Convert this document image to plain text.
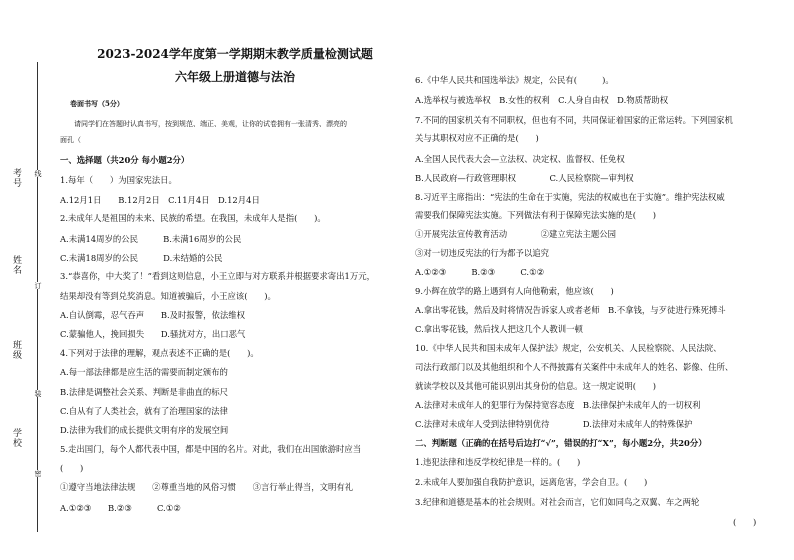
考号
姓名
班级
学校
线
订
装
密
2023-2024学年度第一学期期末教学质量检测试题
六年级上册道德与法治
卷面书写（5分）
请同学们在答题时认真书写，按到规范、端正、美观，让你的试卷拥有一张清秀、漂亮的
面孔（
一、选择题（共20分 每小题2分）
1.每年（　　）为国家宪法日。
A.12月1日　　B.12月2日　C.11月4日　D.12月4日
2.未成年人是祖国的未来、民族的希望。在我国，未成年人是指(　　)。
A.未满14周岁的公民　　　B.未满16周岁的公民
C.未满18周岁的公民　　　D.未结婚的公民
3.“恭喜你，中大奖了！”看到这则信息，小王立即与对方联系并根据要求寄出1万元，
结果却没有等到兑奖消息。知道被骗后，小王应该(　　)。
A.自认倒霉，忍气吞声　　B.及时报警，依法维权
C.蒙骗他人，挽回损失　　D.骚扰对方，出口恶气
4.下列对于法律的理解，观点表述不正确的是(　　)。
A.每一部法律都是应生活的需要而制定颁布的
B.法律是调整社会关系、判断是非曲直的标尺
C.自从有了人类社会，就有了治理国家的法律
D.法律为我们的成长提供文明有序的发展空间
5.走出国门，每个人都代表中国，都是中国的名片。对此，我们在出国旅游时应当
(　　)
①遵守当地法律法规　　②尊重当地的风俗习惯　　③言行举止得当，文明有礼
A.①②③　　B.②③　　　C.①②
6.《中华人民共和国选举法》规定，公民有(　　　)。
A.选举权与被选举权　B.女性的权利　C.人身自由权　D.物质帮助权
7.不同的国家机关有不同职权，但也有不同，共同保证着国家的正常运转。下列国家机
关与其职权对应不正确的是(　　)
A.全国人民代表大会—立法权、决定权、监督权、任免权
B.人民政府—行政管理职权　　　　C.人民检察院—审判权
8.习近平主席指出：“宪法的生命在于实施，宪法的权威也在于实施”。维护宪法权威
需要我们保障宪法实施。下列做法有利于保障宪法实施的是(　　)
①开展宪法宣传教育活动　　　　②建立宪法主题公园
③对一切违反宪法的行为都予以追究
A.①②③　　　B.②③　　　C.①②
9.小辉在放学的路上遇到有人向他勒索，他应该(　　)
A.拿出零花钱，然后及时将情况告诉家人或者老师　B.不拿钱，与歹徒进行殊死搏斗
C.拿出零花钱，然后找人把这几个人教训一顿
10.《中华人民共和国未成年人保护法》规定，公安机关、人民检察院、人民法院、
司法行政部门以及其他组织和个人不得披露有关案件中未成年人的姓名、影像、住所、
就读学校以及其他可能识别出其身份的信息。这一规定说明(　　)
A.法律对未成年人的犯罪行为保持宽容态度　B.法律保护未成年人的一切权利
C.法律对未成年人受到法律特别优待　　　　D.法律对未成年人的特殊保护
二、判断题（正确的在括号后边打“√”，错误的打“X”，每小题2分，共20分）
1.违犯法律和违反学校纪律是一样的。(　　)
2.未成年人要加强自我防护意识，远离危害，学会自卫。(　　)
3.纪律和道德是基本的社会规则。对社会而言，它们如同鸟之双翼、车之两轮
(　　)
